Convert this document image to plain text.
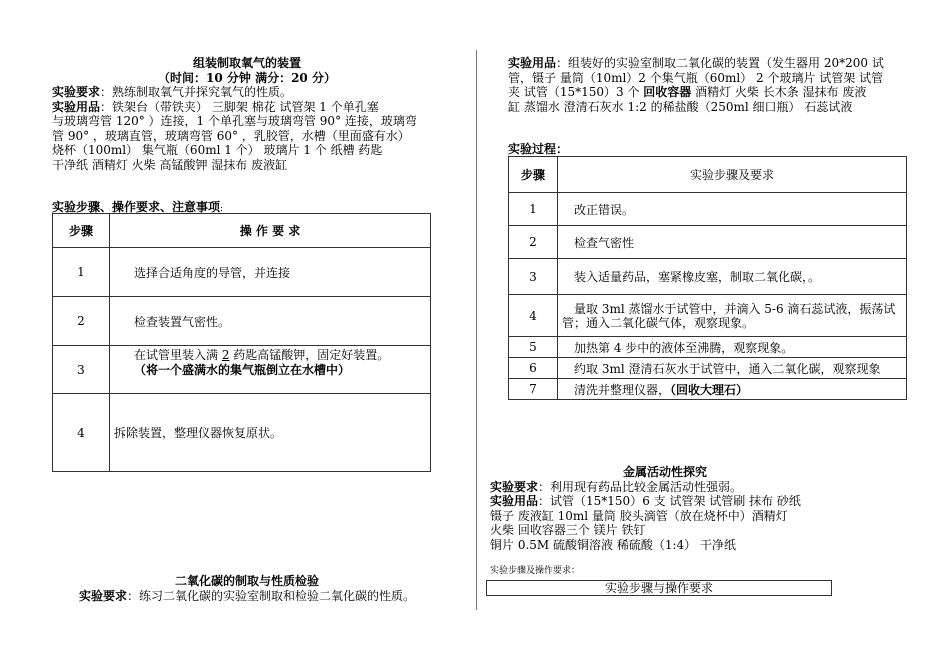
组装制取氧气的装置
（时间：10 分钟 满分：20 分）
实验要求：熟练制取氧气并探究氧气的性质。
实验用品：铁架台（带铁夹） 三脚架 棉花 试管架 1 个单孔塞
与玻璃弯管 120° ）连接，1 个单孔塞与玻璃弯管 90° 连接，玻璃弯
管 90° ，玻璃直管，玻璃弯管 60° ，乳胶管，水槽（里面盛有水）
烧杯（100ml） 集气瓶（60ml 1 个） 玻璃片 1 个 纸槽 药匙
干净纸 酒精灯 火柴 高锰酸钾 湿抹布 废液缸
实验步骤、操作要求、注意事项:
步骤	操 作 要 求
1	选择合适角度的导管，并连接
2	检查装置气密性。
3	在试管里装入满 2 药匙高锰酸钾，固定好装置。
（将一个盛满水的集气瓶倒立在水槽中）

4	拆除装置，整理仪器恢复原状。
二氧化碳的制取与性质检验
实验要求：练习二氧化碳的实验室制取和检验二氧化碳的性质。
实验用品：组装好的实验室制取二氧化碳的装置（发生器用 20*200 试
管，镊子 量筒（10ml）2 个集气瓶（60ml） 2 个玻璃片 试管架 试管
夹 试管（15*150）3 个 回收容器 酒精灯 火柴 长木条 湿抹布 废液
缸 蒸馏水 澄清石灰水 1:2 的稀盐酸（250ml 细口瓶） 石蕊试液
实验过程：
步骤	实验步骤及要求
1	改正错误。
2	检查气密性
3	装入适量药品，塞紧橡皮塞，制取二氧化碳，。
4	量取 3ml 蒸馏水于试管中，并滴入 5-6 滴石蕊试液，振荡试
管；通入二氧化碳气体，观察现象。

5	加热第 4 步中的液体至沸腾，观察现象。
6	约取 3ml 澄清石灰水于试管中，通入二氧化碳，观察现象
7	清洗并整理仪器，（回收大理石）
金属活动性探究
实验要求：利用现有药品比较金属活动性强弱。
实验用品：试管（15*150）6 支 试管架 试管刷 抹布 砂纸
镊子 废液缸 10ml 量筒 胶头滴管（放在烧杯中）酒精灯
火柴 回收容器三个 镁片 铁钉
铜片 0.5M 硫酸铜溶液 稀硫酸（1:4） 干净纸
实验步骤及操作要求：
实验步骤与操作要求
